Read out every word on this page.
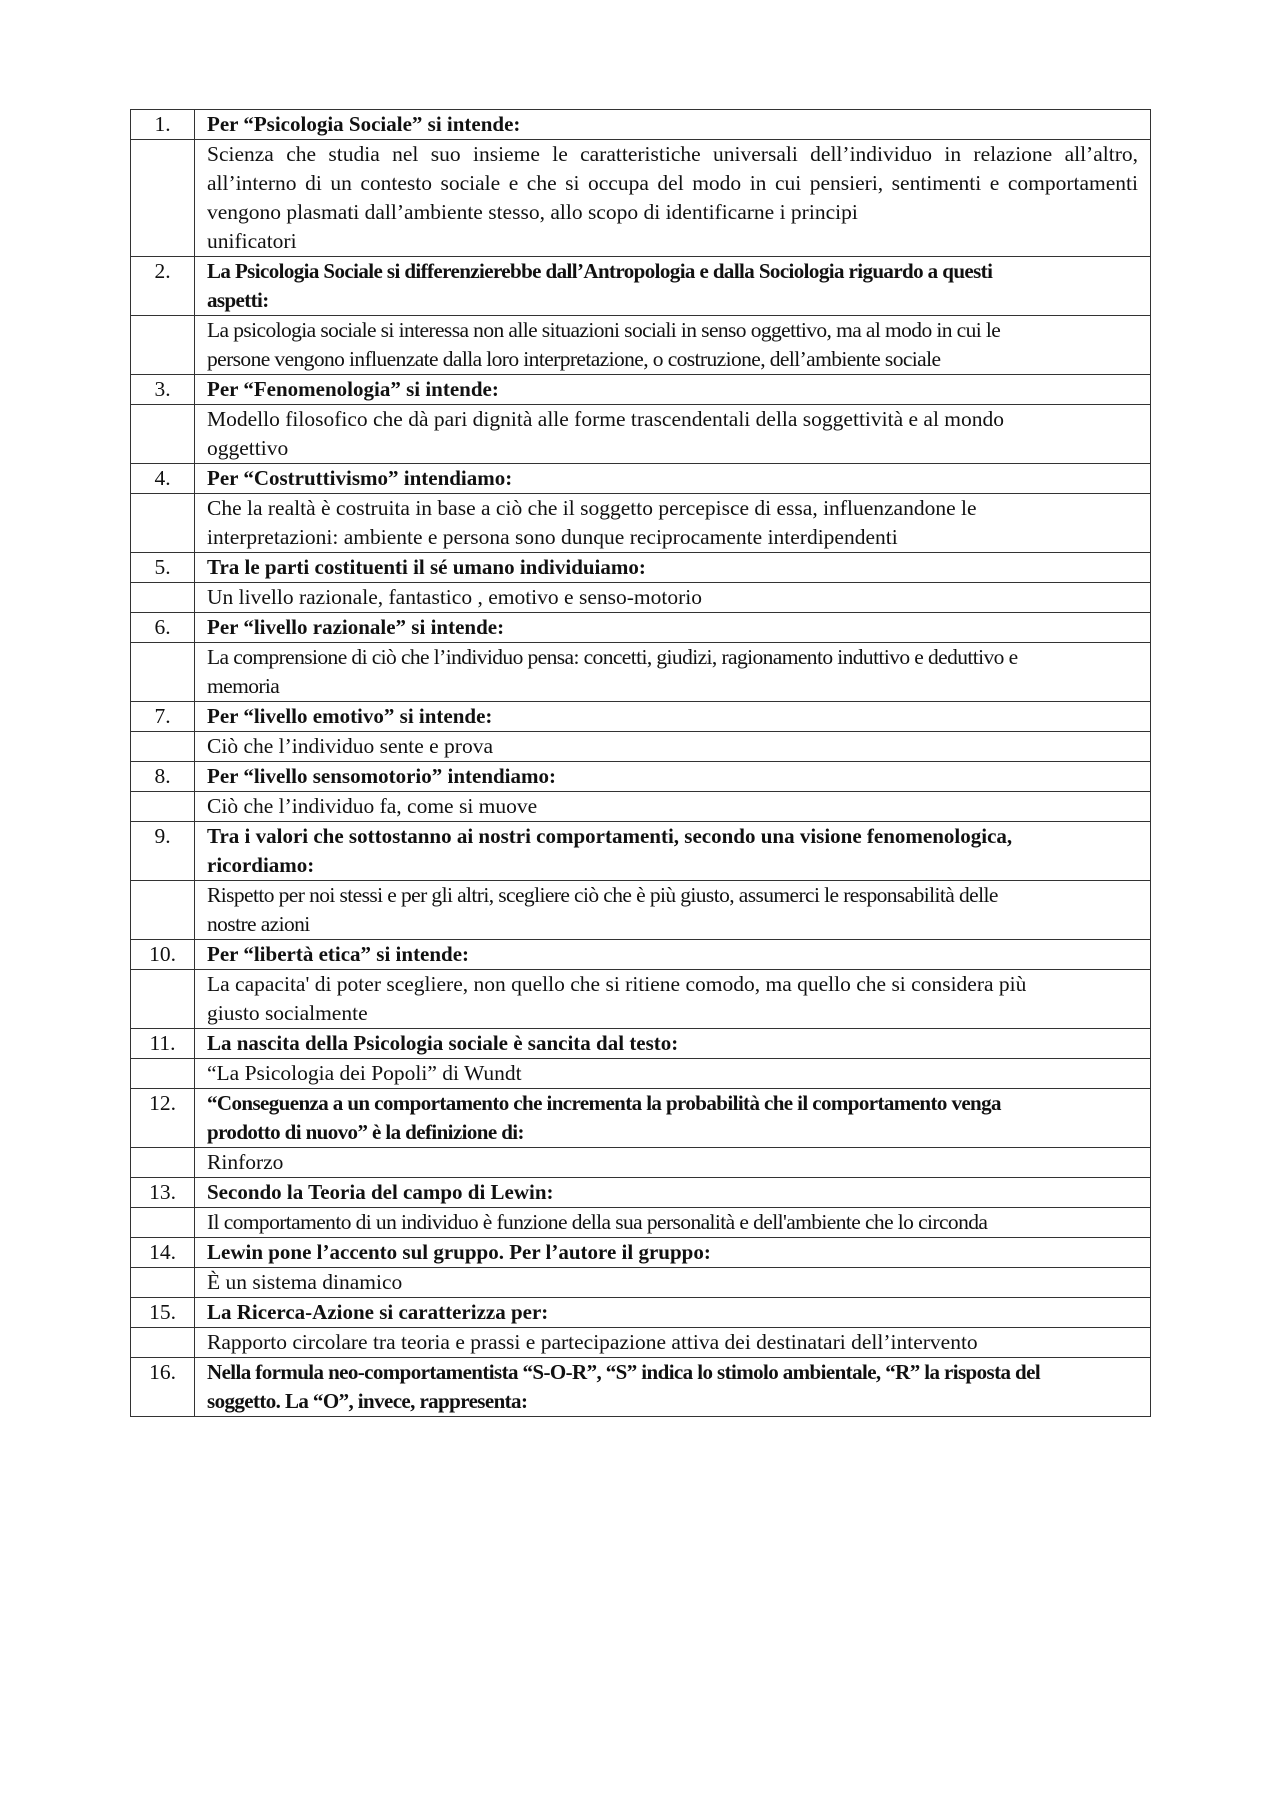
1.	Per “Psicologia Sociale” si intende:

	Scienza che studia nel suo insieme le caratteristiche universali dell’individuo in relazione all’altro, all’interno di un contesto sociale e che si occupa del modo in cui pensieri, sentimenti e comportamenti vengono plasmati dall’ambiente stesso, allo scopo di identificarne i principi
unificatori

2.	La Psicologia Sociale si differenzierebbe dall’Antropologia e dalla Sociologia riguardo a questi
aspetti:

	La psicologia sociale si interessa non alle situazioni sociali in senso oggettivo, ma al modo in cui le
persone vengono influenzate dalla loro interpretazione, o costruzione, dell’ambiente sociale

3.	Per “Fenomenologia” si intende:

	Modello filosofico che dà pari dignità alle forme trascendentali della soggettività e al mondo
oggettivo

4.	Per “Costruttivismo” intendiamo:

	Che la realtà è costruita in base a ciò che il soggetto percepisce di essa, influenzandone le
interpretazioni: ambiente e persona sono dunque reciprocamente interdipendenti

5.	Tra le parti costituenti il sé umano individuiamo:

	Un livello razionale, fantastico , emotivo e senso-motorio

6.	Per “livello razionale” si intende:

	La comprensione di ciò che l’individuo pensa: concetti, giudizi, ragionamento induttivo e deduttivo e
memoria

7.	Per “livello emotivo” si intende:

	Ciò che l’individuo sente e prova

8.	Per “livello sensomotorio” intendiamo:

	Ciò che l’individuo fa, come si muove

9.	Tra i valori che sottostanno ai nostri comportamenti, secondo una visione fenomenologica,
ricordiamo:

	Rispetto per noi stessi e per gli altri, scegliere ciò che è più giusto, assumerci le responsabilità delle
nostre azioni

10.	Per “libertà etica” si intende:

	La capacita' di poter scegliere, non quello che si ritiene comodo, ma quello che si considera più
giusto socialmente

11.	La nascita della Psicologia sociale è sancita dal testo:

	“La Psicologia dei Popoli” di Wundt

12.	“Conseguenza a un comportamento che incrementa la probabilità che il comportamento venga
prodotto di nuovo” è la definizione di:

	Rinforzo

13.	Secondo la Teoria del campo di Lewin:

	Il comportamento di un individuo è funzione della sua personalità e dell'ambiente che lo circonda

14.	Lewin pone l’accento sul gruppo. Per l’autore il gruppo:

	È un sistema dinamico

15.	La Ricerca-Azione si caratterizza per:

	Rapporto circolare tra teoria e prassi e partecipazione attiva dei destinatari dell’intervento

16.	Nella formula neo-comportamentista “S-O-R”, “S” indica lo stimolo ambientale, “R” la risposta del
soggetto. La “O”, invece, rappresenta:
